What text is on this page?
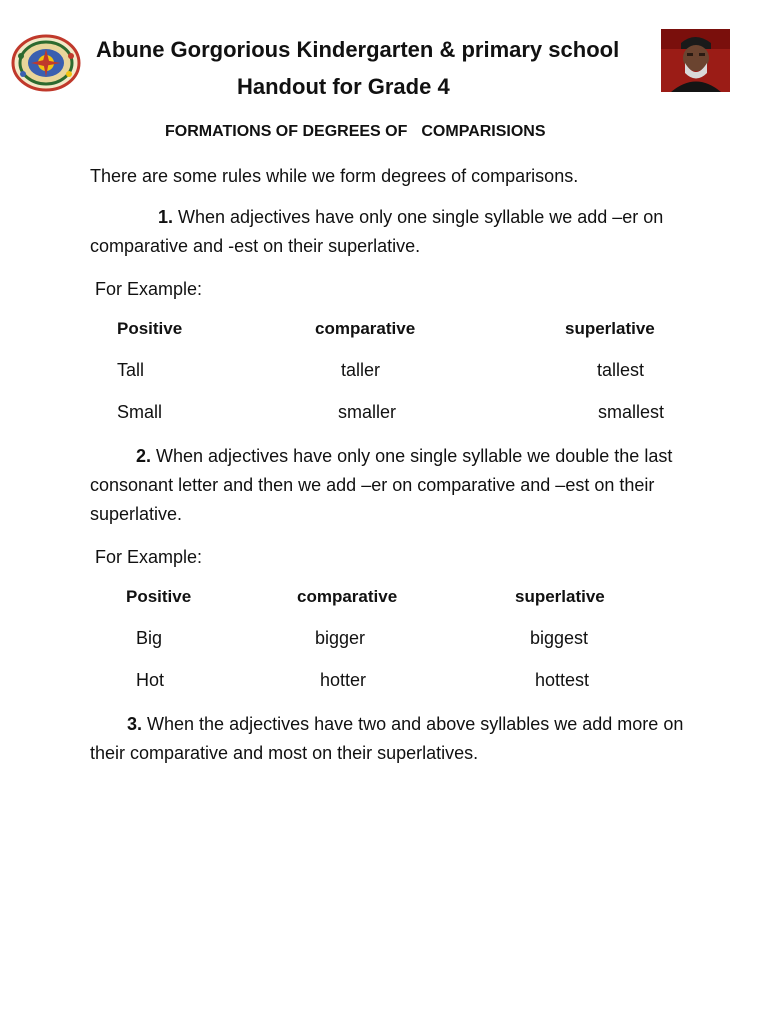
Abune Gorgorious Kindergarten & primary school
Handout for Grade 4
FORMATIONS OF DEGREES OF COMPARISIONS
There are some rules while we form degrees of comparisons.
1. When adjectives have only one single syllable we add –er on comparative and -est on their superlative.
For Example:
Positive	comparative	superlative
Tall	taller	tallest
Small	smaller	smallest
2. When adjectives have only one single syllable we double the last consonant letter and then we add –er on comparative and –est on their superlative.
For Example:
Positive	comparative	superlative
Big	bigger	biggest
Hot	hotter	hottest
3. When the adjectives have two and above syllables we add more on their comparative and most on their superlatives.
